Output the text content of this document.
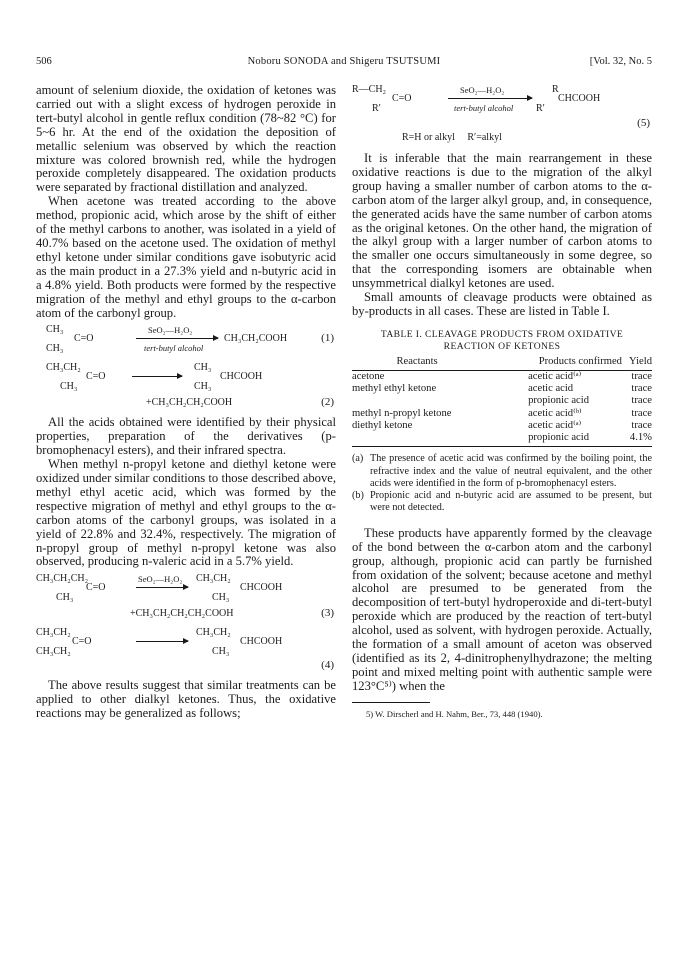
506	Noboru SONODA and Shigeru TSUTSUMI	[Vol. 32, No. 5

amount of selenium dioxide, the oxidation of ketones was carried out with a slight excess of hydrogen peroxide in tert-butyl alcohol in gentle reflux condition (78~82 °C) for 5~6 hr. At the end of the oxidation the deposition of metallic selenium was observed by which the reaction mixture was colored brownish red, while the hydrogen peroxide completely disappeared. The oxidation products were separated by fractional distillation and analyzed.

When acetone was treated according to the above method, propionic acid, which arose by the shift of either of the methyl carbons to another, was isolated in a yield of 40.7% based on the acetone used. The oxidation of methyl ethyl ketone under similar conditions gave isobutyric acid as the main product in a 27.3% yield and n-butyric acid in a 4.8% yield. Both products were formed by the respective migration of the methyl and ethyl groups to the α-carbon atom of the carbonyl group.

CH₃
CH₃
C=O
SeO₂—H₂O₂
tert-butyl alcohol
CH₃CH₂COOH	(1)
CH₃CH₂
CH₃
C=O
CH₃
CH₃
CHCOOH
+CH₃CH₂CH₂COOH	(2)

All the acids obtained were identified by their physical properties, preparation of the derivatives (p-bromophenacyl esters), and their infrared spectra.

When methyl n-propyl ketone and diethyl ketone were oxidized under similar conditions to those described above, methyl ethyl acetic acid, which was formed by the respective migration of methyl and ethyl groups to the α-carbon atoms of the carbonyl groups, was isolated in a yield of 22.8% and 32.4%, respectively. The migration of n-propyl group of methyl n-propyl ketone was also observed, producing n-valeric acid in a 5.7% yield.

CH₃CH₂CH₂
CH₃
C=O
SeO₂—H₂O₂ CH₃CH₂
CH₃
CHCOOH
+CH₃CH₂CH₂CH₂COOH	(3)
CH₃CH₂
CH₃CH₂
C=O
CH₃CH₂
CH₃
CHCOOH
(4)

The above results suggest that similar treatments can be applied to other dialkyl ketones. Thus, the oxidative reactions may be generalized as follows;

R—CH₂
R′
C=O
SeO₂—H₂O₂
tert-butyl alcohol
R
R′
CHCOOH
(5)
R=H or alkyl     R′=alkyl

It is inferable that the main rearrangement in these oxidative reactions is due to the migration of the alkyl group having a smaller number of carbon atoms to the α-carbon atom of the larger alkyl group, and, in consequence, the generated acids have the same number of carbon atoms as the original ketones. On the other hand, the migration of the alkyl group with a larger number of carbon atoms to the smaller one occurs simultaneously in some degree, so that the corresponding isomers are obtainable when unsymmetrical dialkyl ketones are used.

Small amounts of cleavage products were obtained as by-products in all cases. These are listed in Table I.

TABLE I. CLEAVAGE PRODUCTS FROM OXIDATIVE
REACTION OF KETONES
Reactants	Products confirmed	Yield
acetone	acetic acid⁽ᵃ⁾	trace
methyl ethyl ketone	acetic acid	trace
	propionic acid	trace
methyl n-propyl ketone	acetic acid⁽ᵇ⁾	trace
diethyl ketone	acetic acid⁽ᵃ⁾	trace
	propionic acid	4.1%
(a) The presence of acetic acid was confirmed by the boiling point, the refractive index and the value of neutral equivalent, and the other acids were identified in the form of p-bromophenacyl esters.
(b) Propionic acid and n-butyric acid are assumed to be present, but were not detected.

These products have apparently formed by the cleavage of the bond between the α-carbon atom and the carbonyl group, although, propionic acid can partly be furnished from oxidation of the solvent; because acetone and methyl alcohol are presumed to be generated from the decomposition of tert-butyl hydroperoxide and di-tert-butyl peroxide which are produced by the reaction of tert-butyl alcohol, used as solvent, with hydrogen peroxide. Actually, the formation of a small amount of aceton was observed (identified as its 2, 4-dinitrophenylhydrazone; the melting point and mixed melting point with authentic sample were 123°C⁵⁾) when the

5) W. Dirscherl and H. Nahm, Ber., 73, 448 (1940).
